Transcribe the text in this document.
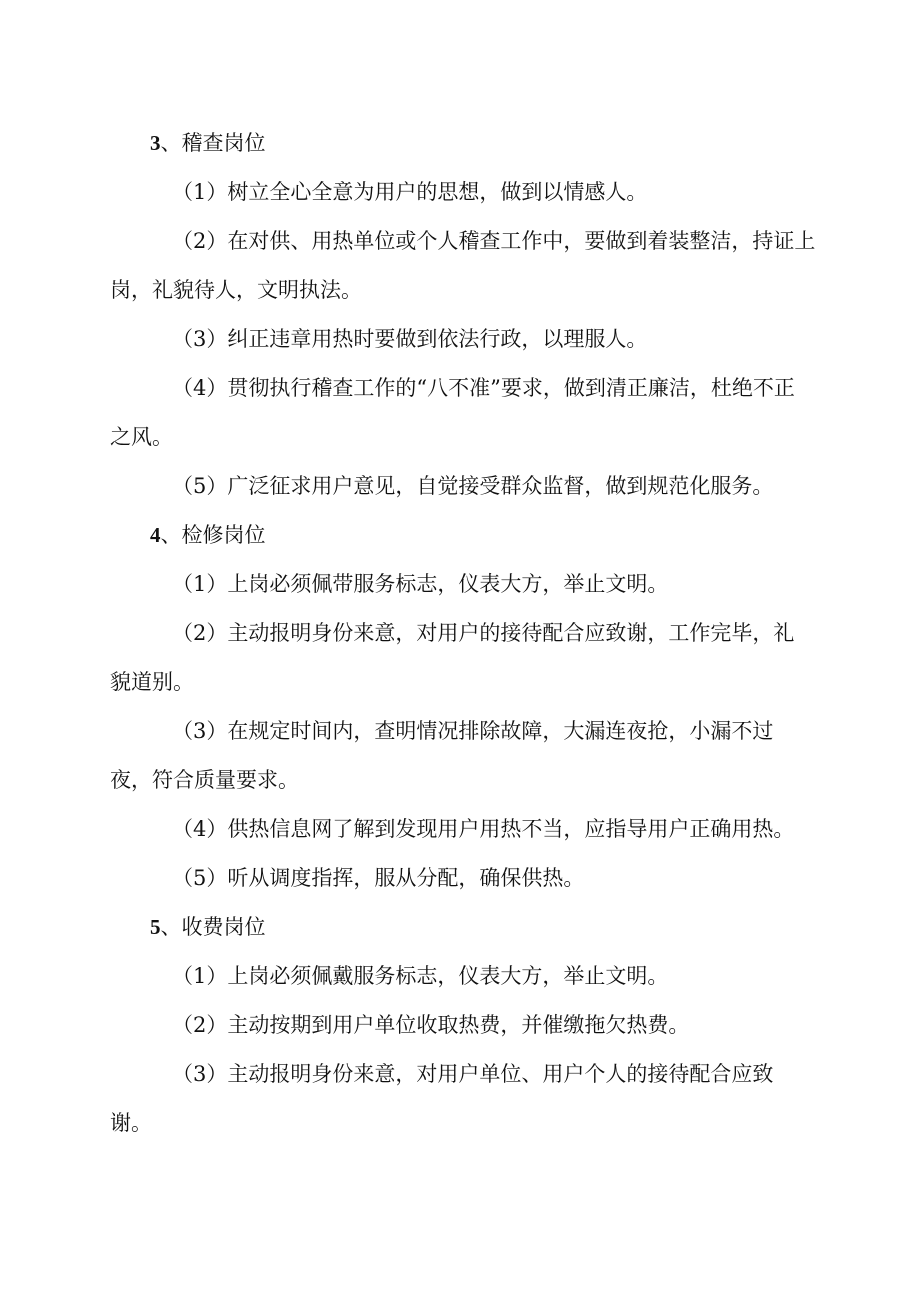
3、稽查岗位
（1）树立全心全意为用户的思想，做到以情感人。
（2）在对供、用热单位或个人稽查工作中，要做到着装整洁，持证上
岗，礼貌待人，文明执法。
（3）纠正违章用热时要做到依法行政，以理服人。
（4）贯彻执行稽查工作的“八不准”要求，做到清正廉洁，杜绝不正
之风。
（5）广泛征求用户意见，自觉接受群众监督，做到规范化服务。
4、检修岗位
（1）上岗必须佩带服务标志，仪表大方，举止文明。
（2）主动报明身份来意，对用户的接待配合应致谢，工作完毕，礼
貌道别。
（3）在规定时间内，查明情况排除故障，大漏连夜抢，小漏不过
夜，符合质量要求。
（4）供热信息网了解到发现用户用热不当，应指导用户正确用热。
（5）听从调度指挥，服从分配，确保供热。
5、收费岗位
（1）上岗必须佩戴服务标志，仪表大方，举止文明。
（2）主动按期到用户单位收取热费，并催缴拖欠热费。
（3）主动报明身份来意，对用户单位、用户个人的接待配合应致
谢。
